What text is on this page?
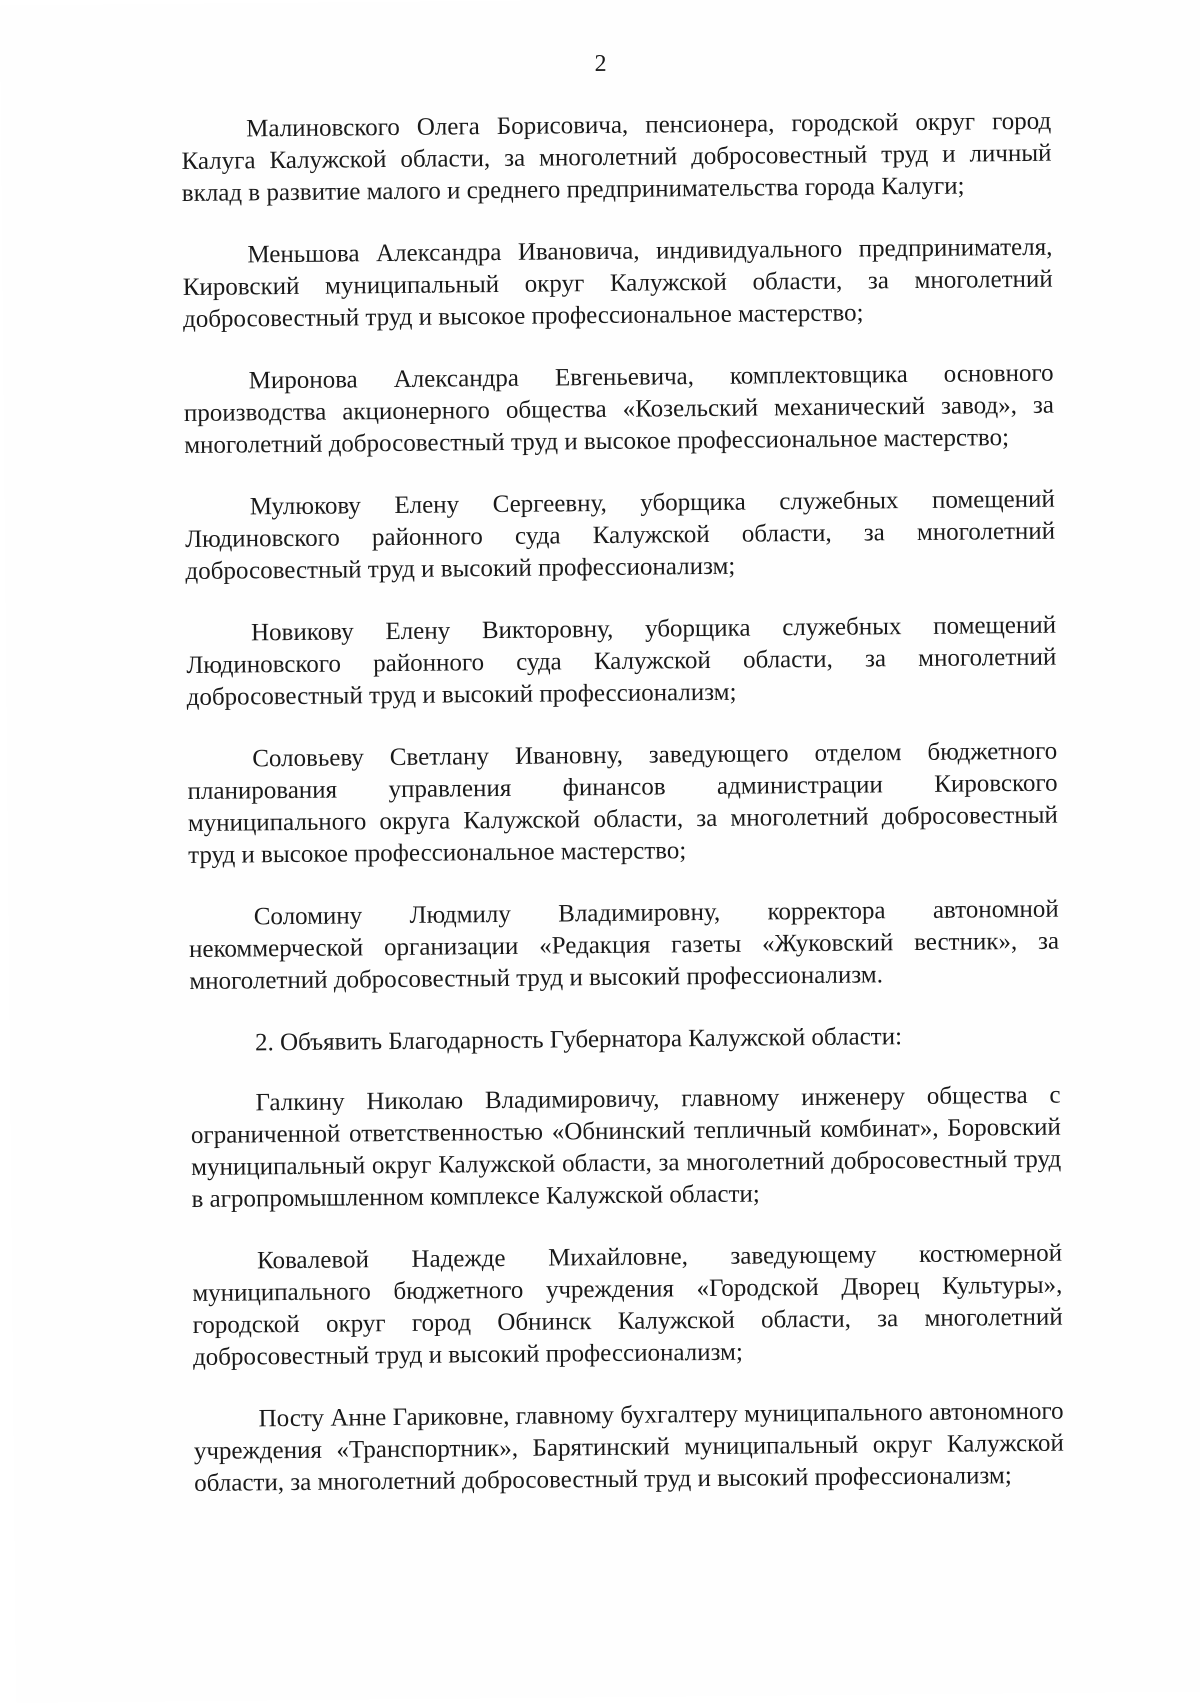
2

Малиновского Олега Борисовича, пенсионера, городской округ город Калуга Калужской области, за многолетний добросовестный труд и личный вклад в развитие малого и среднего предпринимательства города Калуги;

Меньшова Александра Ивановича, индивидуального предпринимателя, Кировский муниципальный округ Калужской области, за многолетний добросовестный труд и высокое профессиональное мастерство;

Миронова Александра Евгеньевича, комплектовщика основного производства акционерного общества «Козельский механический завод», за многолетний добросовестный труд и высокое профессиональное мастерство;

Мулюкову Елену Сергеевну, уборщика служебных помещений Людиновского районного суда Калужской области, за многолетний добросовестный труд и высокий профессионализм;

Новикову Елену Викторовну, уборщика служебных помещений Людиновского районного суда Калужской области, за многолетний добросовестный труд и высокий профессионализм;

Соловьеву Светлану Ивановну, заведующего отделом бюджетного планирования управления финансов администрации Кировского муниципального округа Калужской области, за многолетний добросовестный труд и высокое профессиональное мастерство;

Соломину Людмилу Владимировну, корректора автономной некоммерческой организации «Редакция газеты «Жуковский вестник», за многолетний добросовестный труд и высокий профессионализм.

2. Объявить Благодарность Губернатора Калужской области:

Галкину Николаю Владимировичу, главному инженеру общества с ограниченной ответственностью «Обнинский тепличный комбинат», Боровский муниципальный округ Калужской области, за многолетний добросовестный труд в агропромышленном комплексе Калужской области;

Ковалевой Надежде Михайловне, заведующему костюмерной муниципального бюджетного учреждения «Городской Дворец Культуры», городской округ город Обнинск Калужской области, за многолетний добросовестный труд и высокий профессионализм;

Посту Анне Гариковне, главному бухгалтеру муниципального автономного учреждения «Транспортник», Барятинский муниципальный округ Калужской области, за многолетний добросовестный труд и высокий профессионализм;
